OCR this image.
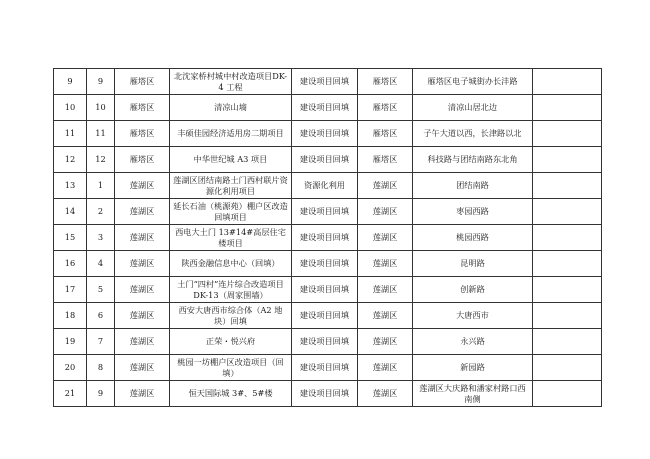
9	9	雁塔区	北沈家桥村城中村改造项目DK-4 工程	建设项目回填	雁塔区	雁塔区电子城街办长沣路	
10	10	雁塔区	清凉山墒	建设项目回填	雁塔区	清凉山居北边	
11	11	雁塔区	丰硕佳园经济适用房二期项目	建设项目回填	雁塔区	子午大道以西，长津路以北	
12	12	雁塔区	中华世纪城 A3 项目	建设项目回填	雁塔区	科技路与团结南路东北角	
13	1	莲湖区	莲湖区团结南路土门西村联片资源化利用项目	资源化利用	莲湖区	团结南路	
14	2	莲湖区	延长石油（桃源苑）棚户区改造回填项目	建设项目回填	莲湖区	枣园西路	
15	3	莲湖区	西电大土门 13#14#高层住宅楼项目	建设项目回填	莲湖区	桃园西路	
16	4	莲湖区	陕西金融信息中心（回填）	建设项目回填	莲湖区	昆明路	
17	5	莲湖区	土门“四村”连片综合改造项目 DK-13（周家围墙）	建设项目回填	莲湖区	创新路	
18	6	莲湖区	西安大唐西市综合体（A2 地块）回填	建设项目回填	莲湖区	大唐西市	
19	7	莲湖区	正荣・悦兴府	建设项目回填	莲湖区	永兴路	
20	8	莲湖区	桃园一坊棚户区改造项目（回填）	建设项目回填	莲湖区	新园路	
21	9	莲湖区	恒天国际城 3#、5#楼	建设项目回填	莲湖区	莲湖区大庆路和潘家村路口西南侧	
